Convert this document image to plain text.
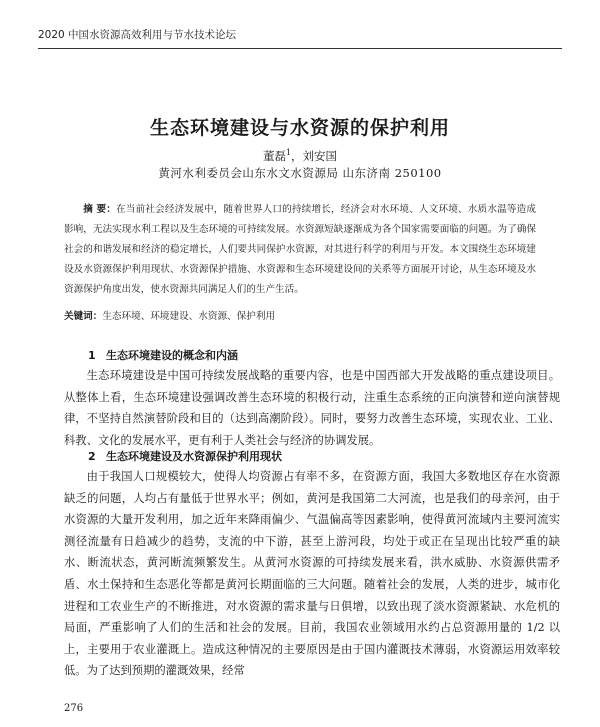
2020 中国水资源高效利用与节水技术论坛
生态环境建设与水资源的保护利用
董磊$^1$，刘安国
黄河水利委员会山东水文水资源局 山东济南 250100
摘 要：在当前社会经济发展中，随着世界人口的持续增长，经济会对水环境、人文环境、水质水温等造成影响，无法实现水利工程以及生态环境的可持续发展。水资源短缺逐渐成为各个国家需要面临的问题。为了确保社会的和谐发展和经济的稳定增长，人们要共同保护水资源，对其进行科学的利用与开发。本文围绕生态环境建设及水资源保护利用现状、水资源保护措施、水资源和生态环境建设间的关系等方面展开讨论，从生态环境及水资源保护角度出发，使水资源共同满足人们的生产生活。
关键词：生态环境、环境建设、水资源、保护利用
1 生态环境建设的概念和内涵
生态环境建设是中国可持续发展战略的重要内容，也是中国西部大开发战略的重点建设项目。从整体上看，生态环境建设强调改善生态环境的积极行动，注重生态系统的正向演替和逆向演替规律，不坚持自然演替阶段和目的（达到高潮阶段）。同时，要努力改善生态环境，实现农业、工业、科教、文化的发展水平，更有利于人类社会与经济的协调发展。
2 生态环境建设及水资源保护利用现状
由于我国人口规模较大，使得人均资源占有率不多，在资源方面，我国大多数地区存在水资源缺乏的问题，人均占有量低于世界水平；例如，黄河是我国第二大河流，也是我们的母亲河，由于水资源的大量开发利用，加之近年来降雨偏少、气温偏高等因素影响，使得黄河流域内主要河流实测径流量有日趋减少的趋势，支流的中下游，甚至上游河段，均处于或正在呈现出比较严重的缺水、断流状态，黄河断流频繁发生。从黄河水资源的可持续发展来看，洪水威胁、水资源供需矛盾、水土保持和生态恶化等都是黄河长期面临的三大问题。随着社会的发展，人类的进步，城市化进程和工农业生产的不断推进，对水资源的需求量与日俱增，以致出现了淡水资源紧缺、水危机的局面，严重影响了人们的生活和社会的发展。目前，我国农业领域用水约占总资源用量的 1/2 以上，主要用于农业灌溉上。造成这种情况的主要原因是由于国内灌溉技术薄弱，水资源运用效率较低。为了达到预期的灌溉效果，经常
276
